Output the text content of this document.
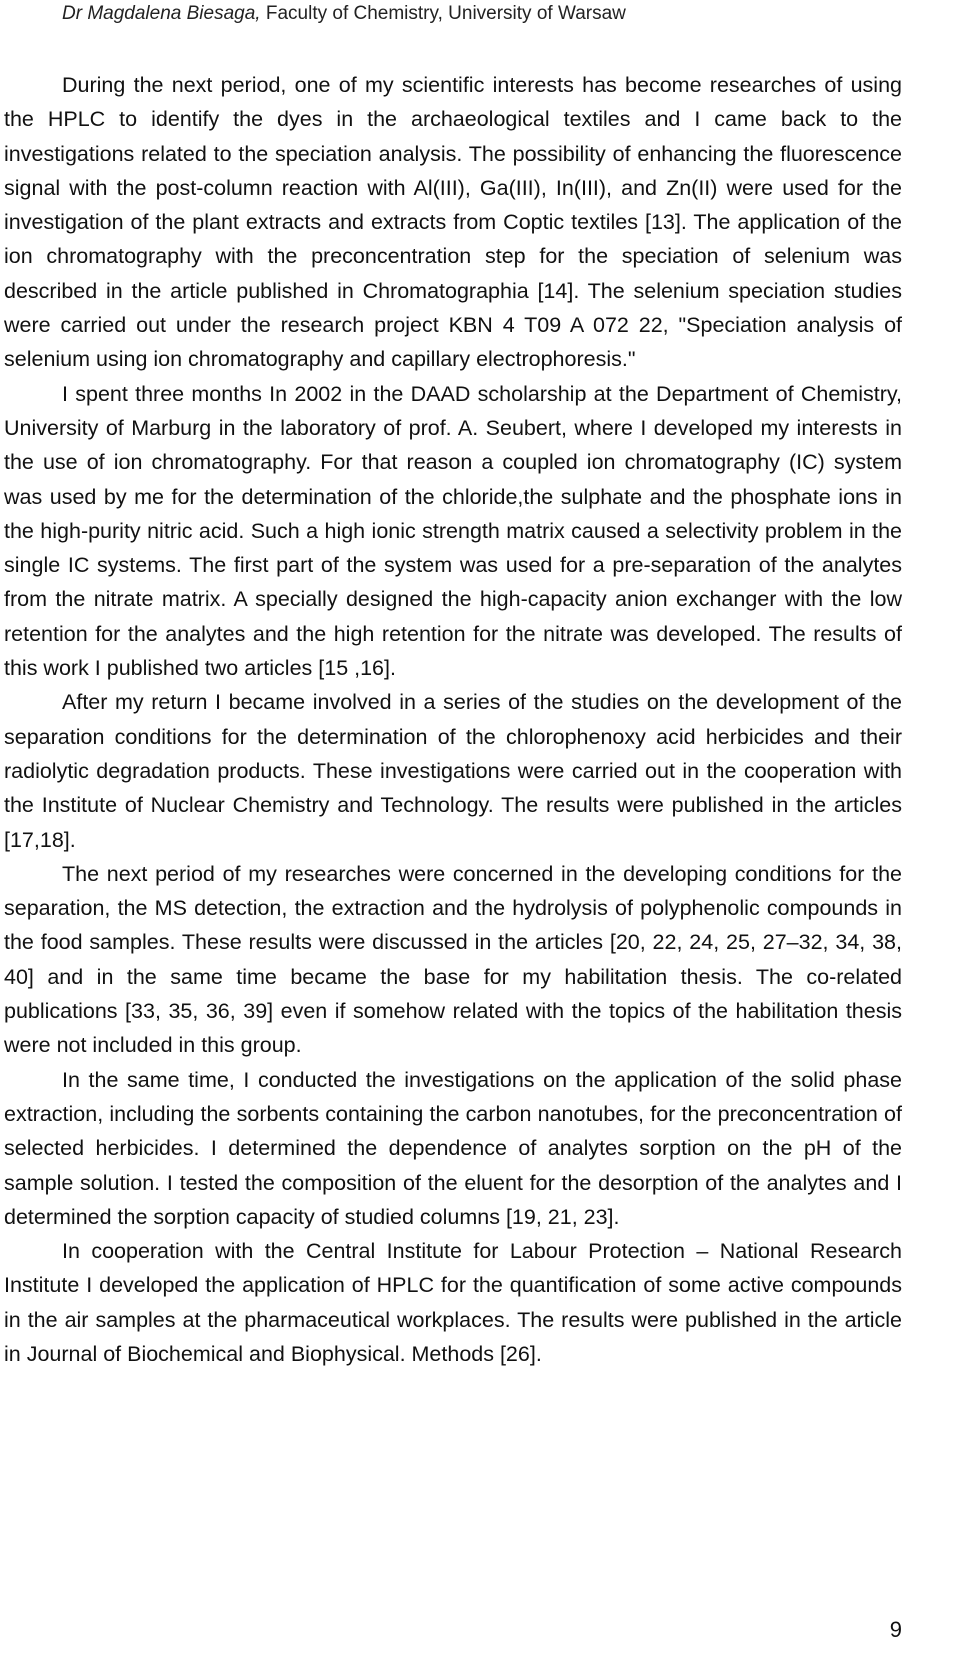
Dr Magdalena Biesaga, Faculty of Chemistry, University of Warsaw

During the next period, one of my scientific interests has become researches of using the HPLC to identify the dyes in the archaeological textiles and I came back to the investigations related to the speciation analysis. The possibility of enhancing the fluorescence signal with the post-column reaction with Al(III), Ga(III), In(III), and Zn(II) were used for the investigation of the plant extracts and extracts from Coptic textiles [13]. The application of the ion chromatography with the preconcentration step for the speciation of selenium was described in the article published in Chromatographia [14]. The selenium speciation studies were carried out under the research project KBN 4 T09 A 072 22, "Speciation analysis of selenium using ion chromatography and capillary electrophoresis."

I spent three months In 2002 in the DAAD scholarship at the Department of Chemistry, University of Marburg in the laboratory of prof. A. Seubert, where I developed my interests in the use of ion chromatography. For that reason a coupled ion chromatography (IC) system was used by me for the determination of the chloride,the sulphate and the phosphate ions in the high-purity nitric acid. Such a high ionic strength matrix caused a selectivity problem in the single IC systems. The first part of the system was used for a pre-separation of the analytes from the nitrate matrix. A specially designed the high-capacity anion exchanger with the low retention for the analytes and the high retention for the nitrate was developed. The results of this work I published two articles [15 ,16].

After my return I became involved in a series of the studies on the development of the separation conditions for the determination of the chlorophenoxy acid herbicides and their radiolytic degradation products. These investigations were carried out in the cooperation with the Institute of Nuclear Chemistry and Technology. The results were published in the articles [17,18].

The next period of my researches were concerned in the developing conditions for the separation, the MS detection, the extraction and the hydrolysis of polyphenolic compounds in the food samples. These results were discussed in the articles [20, 22, 24, 25, 27–32, 34, 38, 40] and in the same time became the base for my habilitation thesis. The co-related publications [33, 35, 36, 39] even if somehow related with the topics of the habilitation thesis were not included in this group.

In the same time, I conducted the investigations on the application of the solid phase extraction, including the sorbents containing the carbon nanotubes, for the preconcentration of selected herbicides. I determined the dependence of analytes sorption on the pH of the sample solution. I tested the composition of the eluent for the desorption of the analytes and I determined the sorption capacity of studied columns [19, 21, 23].

In cooperation with the Central Institute for Labour Protection – National Research Institute I developed the application of HPLC for the quantification of some active compounds in the air samples at the pharmaceutical workplaces. The results were published in the article in Journal of Biochemical and Biophysical. Methods [26].

9
